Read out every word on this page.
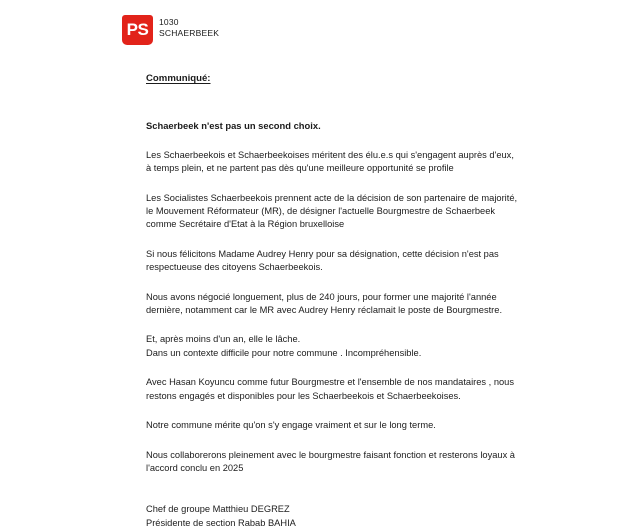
PS 1030
SCHAERBEEK

Communiqué:

Schaerbeek n'est pas un second choix.

Les Schaerbeekois et Schaerbeekoises méritent des élu.e.s qui s'engagent auprès d'eux, à temps plein, et ne partent pas dès qu'une meilleure opportunité se profile

Les Socialistes Schaerbeekois prennent acte de la décision de son partenaire de majorité, le Mouvement Réformateur (MR), de désigner l'actuelle Bourgmestre de Schaerbeek comme Secrétaire d'Etat à la Région bruxelloise

Si nous félicitons Madame Audrey Henry pour sa désignation, cette décision n'est pas respectueuse des citoyens Schaerbeekois.

Nous avons négocié longuement, plus de 240 jours, pour former une majorité l'année dernière, notamment car le MR avec Audrey Henry réclamait le poste de Bourgmestre.

Et, après moins d'un an, elle le lâche.
Dans un contexte difficile pour notre commune . Incompréhensible.

Avec Hasan Koyuncu comme futur Bourgmestre et l'ensemble de nos mandataires , nous restons engagés et disponibles pour les Schaerbeekois et Schaerbeekoises.

Notre commune mérite qu'on s'y engage vraiment et sur le long terme.

Nous collaborerons pleinement avec le bourgmestre faisant fonction et resterons loyaux à l'accord conclu en 2025

Chef de groupe Matthieu DEGREZ
Présidente de section Rabab BAHIA
